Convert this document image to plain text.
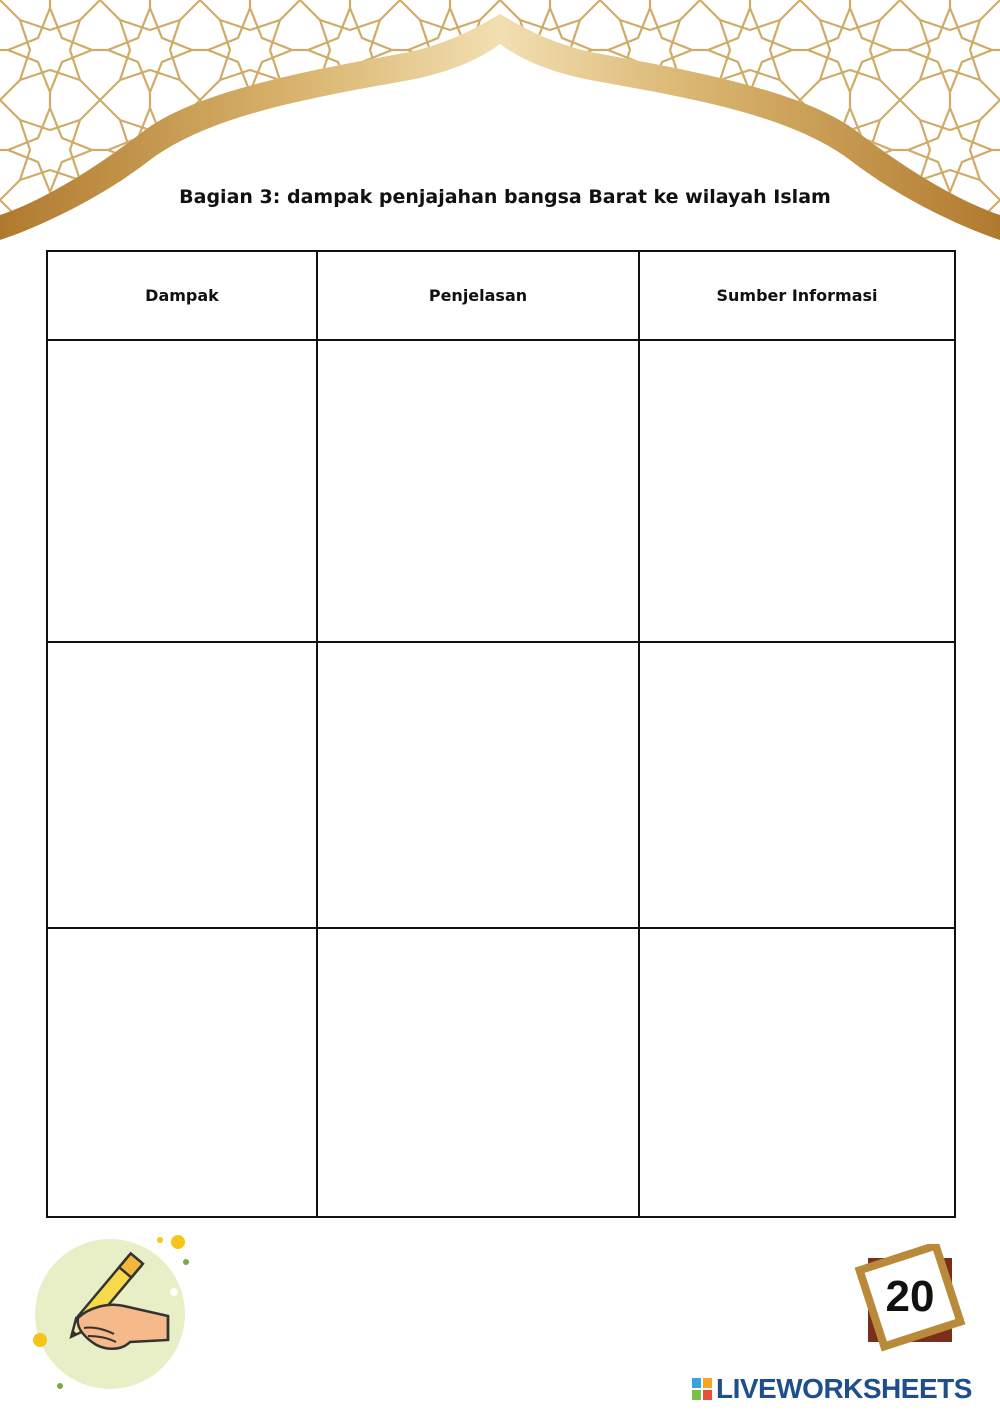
Bagian 3: dampak penjajahan bangsa Barat ke wilayah Islam
Dampak	Penjelasan	Sumber Informasi

20
LIVEWORKSHEETS
